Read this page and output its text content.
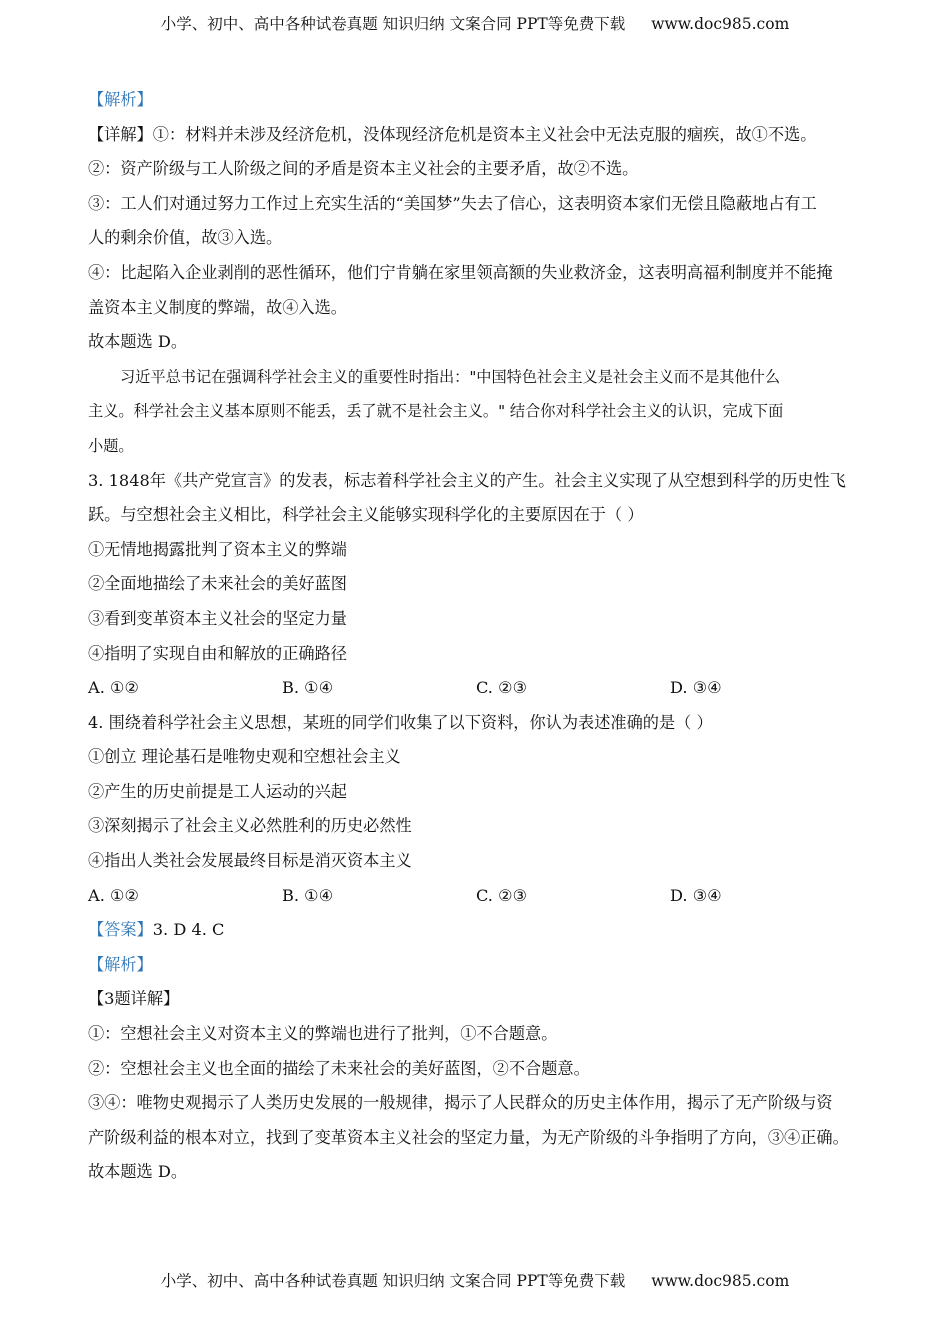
小学、初中、高中各种试卷真题 知识归纳 文案合同 PPT等免费下载 www.doc985.com
【解析】
【详解】①：材料并未涉及经济危机，没体现经济危机是资本主义社会中无法克服的痼疾，故①不选。
②：资产阶级与工人阶级之间的矛盾是资本主义社会的主要矛盾，故②不选。
③：工人们对通过努力工作过上充实生活的“美国梦”失去了信心，这表明资本家们无偿且隐蔽地占有工
人的剩余价值，故③入选。
④：比起陷入企业剥削的恶性循环，他们宁肯躺在家里领高额的失业救济金，这表明高福利制度并不能掩
盖资本主义制度的弊端，故④入选。
故本题选 D。
习近平总书记在强调科学社会主义的重要性时指出："中国特色社会主义是社会主义而不是其他什么
主义。科学社会主义基本原则不能丢，丢了就不是社会主义。" 结合你对科学社会主义的认识，完成下面
小题。
3. 1848年《共产党宣言》的发表，标志着科学社会主义的产生。社会主义实现了从空想到科学的历史性飞
跃。与空想社会主义相比，科学社会主义能够实现科学化的主要原因在于（ ）
①无情地揭露批判了资本主义的弊端
②全面地描绘了未来社会的美好蓝图
③看到变革资本主义社会的坚定力量
④指明了实现自由和解放的正确路径
A. ①②	B. ①④	C. ②③	D. ③④
4. 围绕着科学社会主义思想，某班的同学们收集了以下资料，你认为表述准确的是（ ）
①创立 理论基石是唯物史观和空想社会主义
②产生的历史前提是工人运动的兴起
③深刻揭示了社会主义必然胜利的历史必然性
④指出人类社会发展最终目标是消灭资本主义
A. ①②	B. ①④	C. ②③	D. ③④
【答案】3. D 4. C
【解析】
【3题详解】
①：空想社会主义对资本主义的弊端也进行了批判，①不合题意。
②：空想社会主义也全面的描绘了未来社会的美好蓝图，②不合题意。
③④：唯物史观揭示了人类历史发展的一般规律，揭示了人民群众的历史主体作用，揭示了无产阶级与资
产阶级利益的根本对立，找到了变革资本主义社会的坚定力量，为无产阶级的斗争指明了方向，③④正确。
故本题选 D。
小学、初中、高中各种试卷真题 知识归纳 文案合同 PPT等免费下载 www.doc985.com
